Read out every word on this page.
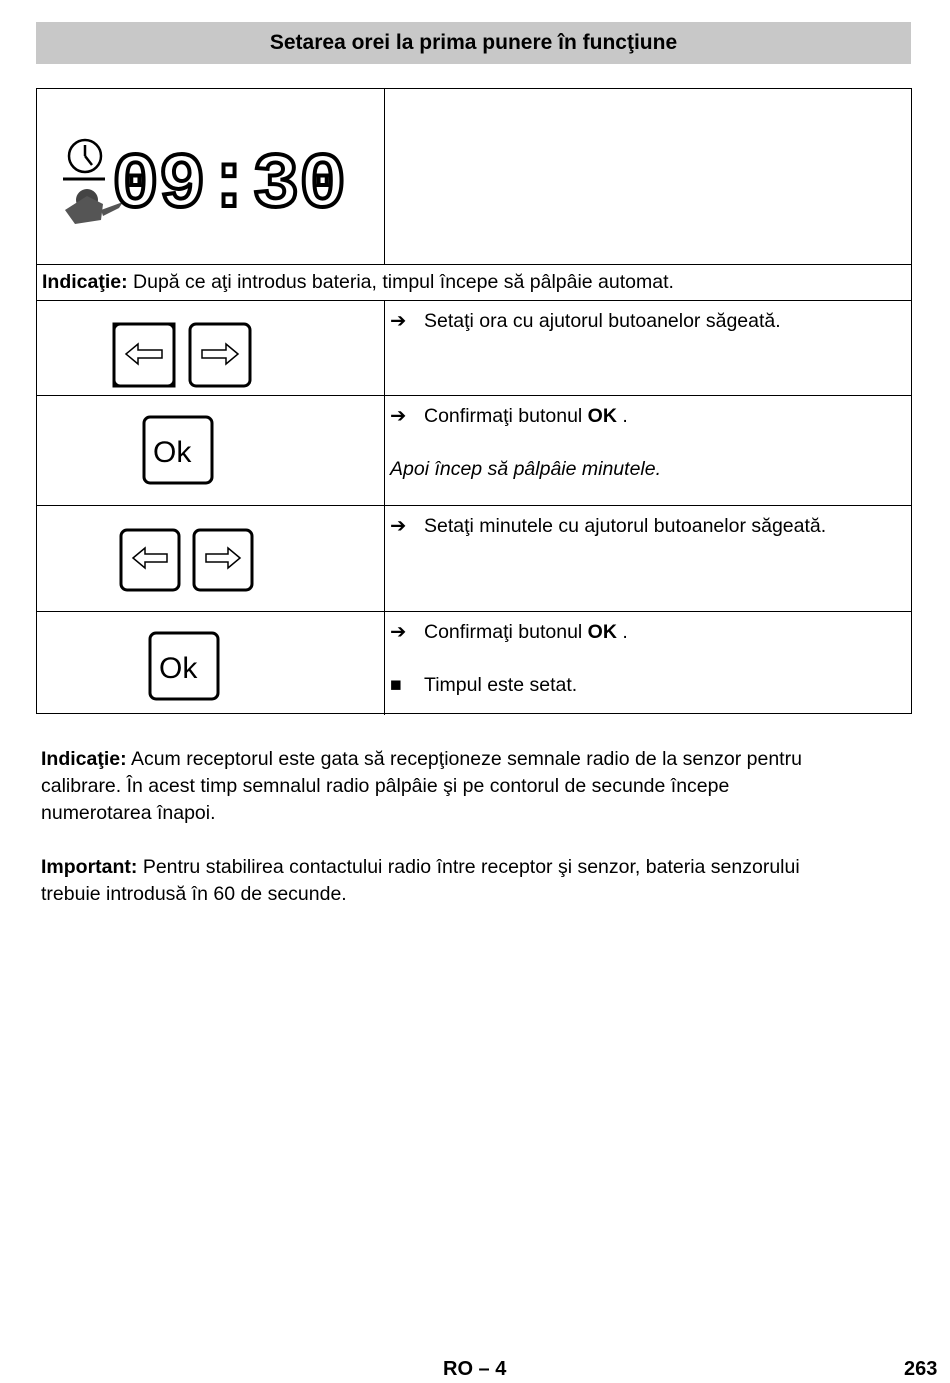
Setarea orei la prima punere în funcţiune
09:30
Indicaţie: După ce aţi introdus bateria, timpul începe să pâlpâie automat.
➔ Setaţi ora cu ajutorul butoanelor săgeată.
Ok
➔ Confirmaţi butonul OK .
Apoi încep să pâlpâie minutele.
➔ Setaţi minutele cu ajutorul butoanelor săgeată.
Ok
➔ Confirmaţi butonul OK .
■ Timpul este setat.
Indicaţie: Acum receptorul este gata să recepţioneze semnale radio de la senzor pentru
calibrare. În acest timp semnalul radio pâlpâie şi pe contorul de secunde începe
numerotarea înapoi.
Important: Pentru stabilirea contactului radio între receptor şi senzor, bateria senzorului
trebuie introdusă în 60 de secunde.
RO – 4	263
